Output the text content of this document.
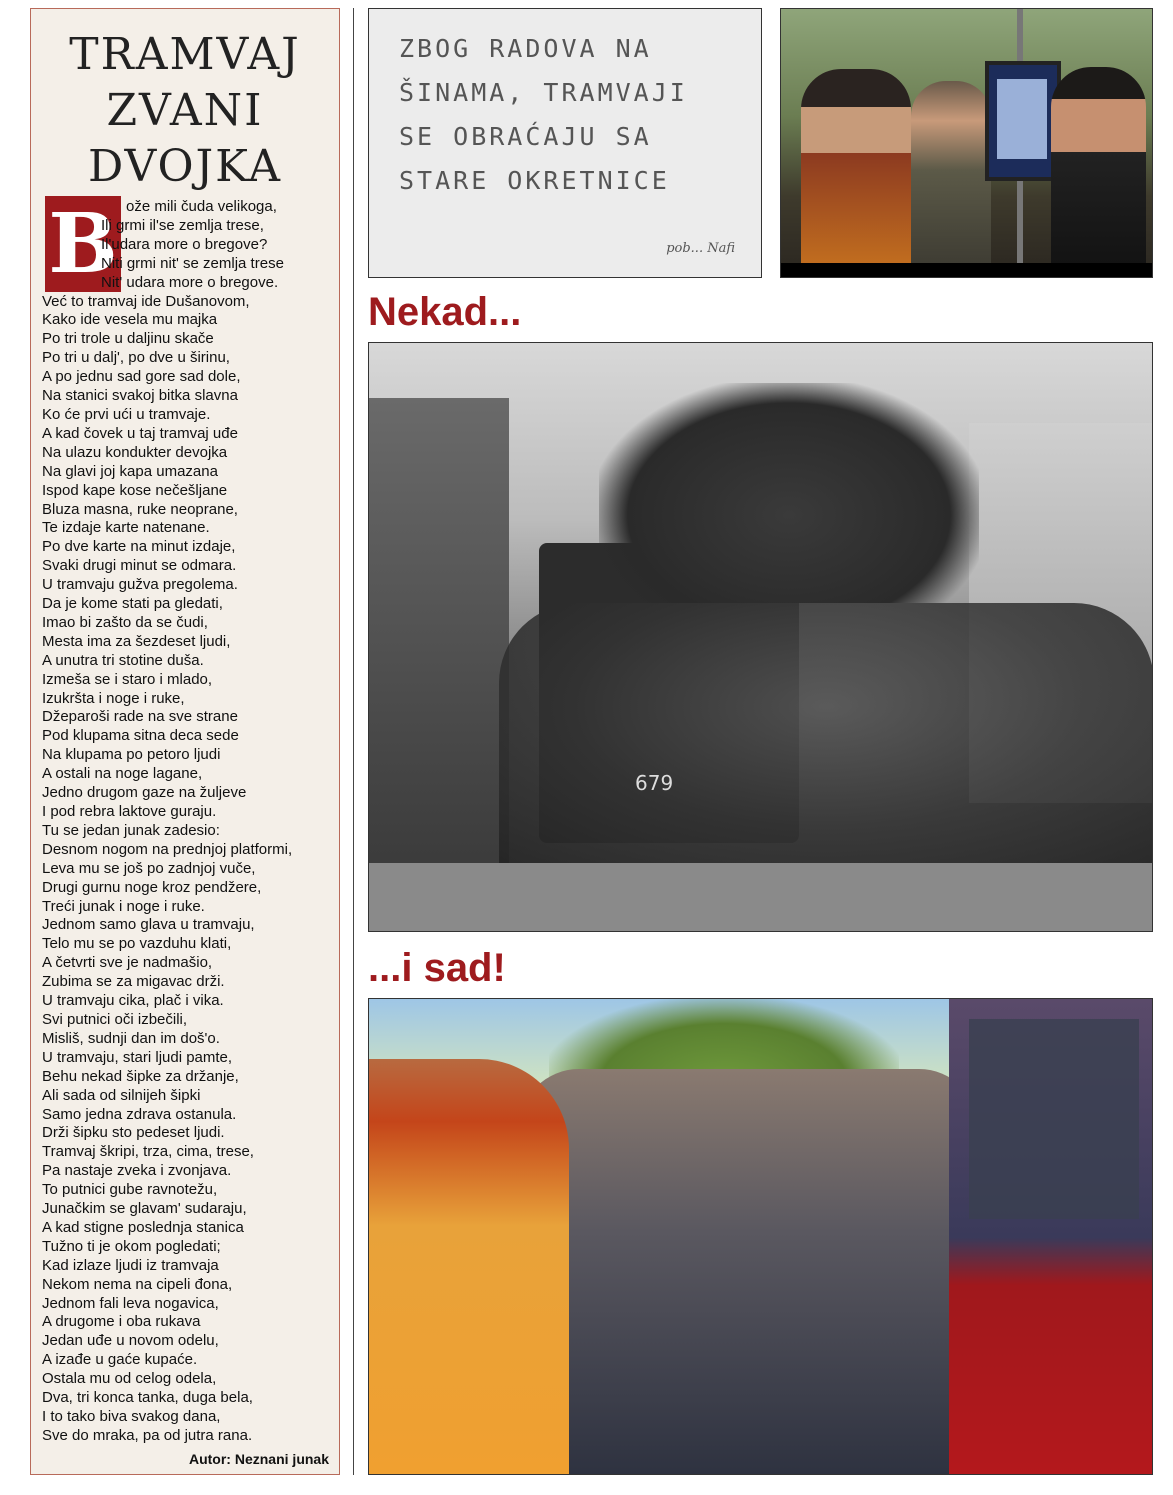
TRAMVAJ
ZVANI
DVOJKA
B ože mili čuda velikoga,

Ili grmi il'se zemlja trese,

Il'udara more o bregove?

Niti grmi nit' se zemlja trese

Nit' udara more o bregove.

Već to tramvaj ide Dušanovom,

Kako ide vesela mu majka

Po tri trole u daljinu skače

Po tri u dalj', po dve u širinu,

A po jednu sad gore sad dole,

Na stanici svakoj bitka slavna

Ko će prvi ući u tramvaje.

A kad čovek u taj tramvaj uđe

Na ulazu kondukter devojka

Na glavi joj kapa umazana

Ispod kape kose nečešljane

Bluza masna, ruke neoprane,

Te izdaje karte natenane.

Po dve karte na minut izdaje,

Svaki drugi minut se odmara.

U tramvaju gužva pregolema.

Da je kome stati pa gledati,

Imao bi zašto da se čudi,

Mesta ima za šezdeset ljudi,

A unutra tri stotine duša.

Izmeša se i staro i mlado,

Izukršta i noge i ruke,

Džeparoši rade na sve strane

Pod klupama sitna deca sede

Na klupama po petoro ljudi

A ostali na noge lagane,

Jedno drugom gaze na žuljeve

I pod rebra laktove guraju.

Tu se jedan junak zadesio:

Desnom nogom na prednjoj platformi,

Leva mu se još po zadnjoj vuče,

Drugi gurnu noge kroz pendžere,

Treći junak i noge i ruke.

Jednom samo glava u tramvaju,

Telo mu se po vazduhu klati,

A četvrti sve je nadmašio,

Zubima se za migavac drži.

U tramvaju cika, plač i vika.

Svi putnici oči izbečili,

Misliš, sudnji dan im doš'o.

U tramvaju, stari ljudi pamte,

Behu nekad šipke za držanje,

Ali sada od silnijeh šipki

Samo jedna zdrava ostanula.

Drži šipku sto pedeset ljudi.

Tramvaj škripi, trza, cima, trese,

Pa nastaje zveka i zvonjava.

To putnici gube ravnotežu,

Junačkim se glavam' sudaraju,

A kad stigne poslednja stanica

Tužno ti je okom pogledati;

Kad izlaze ljudi iz tramvaja

Nekom nema na cipeli đona,

Jednom fali leva nogavica,

A drugome i oba rukava

Jedan uđe u novom odelu,

A izađe u gaće kupaće.

Ostala mu od celog odela,

Dva, tri konca tanka, duga bela,

I to tako biva svakog dana,

Sve do mraka, pa od jutra rana.

Autor: Neznani junak

ZBOG RADOVA NA

ŠINAMA, TRAMVAJI

SE OBRAĆAJU SA

STARE OKRETNICE

pob... Nafi
Nekad...
679
...i sad!
